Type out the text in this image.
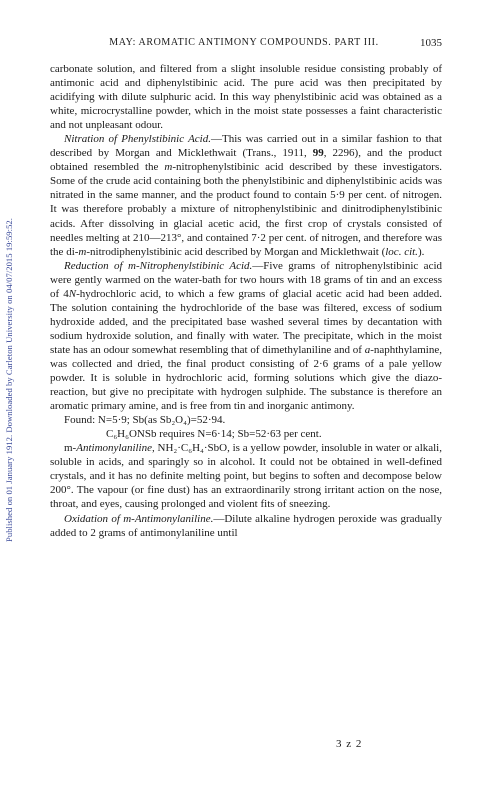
Published on 01 January 1912. Downloaded by Carleton University on 04/07/2015 19:59:52.
MAY: AROMATIC ANTIMONY COMPOUNDS. PART III.	1035

carbonate solution, and filtered from a slight insoluble residue consisting probably of antimonic acid and diphenylstibinic acid. The pure acid was then precipitated by acidifying with dilute sulphuric acid. In this way phenylstibinic acid was obtained as a white, microcrystalline powder, which in the moist state possesses a faint characteristic and not unpleasant odour.

Nitration of Phenylstibinic Acid.—This was carried out in a similar fashion to that described by Morgan and Micklethwait (Trans., 1911, 99, 2296), and the product obtained resembled the m-nitrophenylstibinic acid described by these investigators. Some of the crude acid containing both the phenylstibinic and diphenylstibinic acids was nitrated in the same manner, and the product found to contain 5·9 per cent. of nitrogen. It was therefore probably a mixture of nitrophenylstibinic and dinitrodiphenylstibinic acids. After dissolving in glacial acetic acid, the first crop of crystals consisted of needles melting at 210—213°, and contained 7·2 per cent. of nitrogen, and therefore was the di-m-nitrodiphenylstibinic acid described by Morgan and Micklethwait (loc. cit.).

Reduction of m-Nitrophenylstibinic Acid.—Five grams of nitrophenylstibinic acid were gently warmed on the water-bath for two hours with 18 grams of tin and an excess of 4N-hydrochloric acid, to which a few grams of glacial acetic acid had been added. The solution containing the hydrochloride of the base was filtered, excess of sodium hydroxide added, and the precipitated base washed several times by decantation with sodium hydroxide solution, and finally with water. The precipitate, which in the moist state has an odour somewhat resembling that of dimethylaniline and of a-naphthylamine, was collected and dried, the final product consisting of 2·6 grams of a pale yellow powder. It is soluble in hydrochloric acid, forming solutions which give the diazo-reaction, but give no precipitate with hydrogen sulphide. The substance is therefore an aromatic primary amine, and is free from tin and inorganic antimony.

Found: N=5·9; Sb(as Sb₂O₄)=52·94.

C₆H₆ONSb requires N=6·14; Sb=52·63 per cent.

m-Antimonylaniline, NH₂·C₆H₄·SbO, is a yellow powder, insoluble in water or alkali, soluble in acids, and sparingly so in alcohol. It could not be obtained in well-defined crystals, and it has no definite melting point, but begins to soften and decompose below 200°. The vapour (or fine dust) has an extraordinarily strong irritant action on the nose, throat, and eyes, causing prolonged and violent fits of sneezing.

Oxidation of m-Antimonylaniline.—Dilute alkaline hydrogen peroxide was gradually added to 2 grams of antimonylaniline until

3 z 2
